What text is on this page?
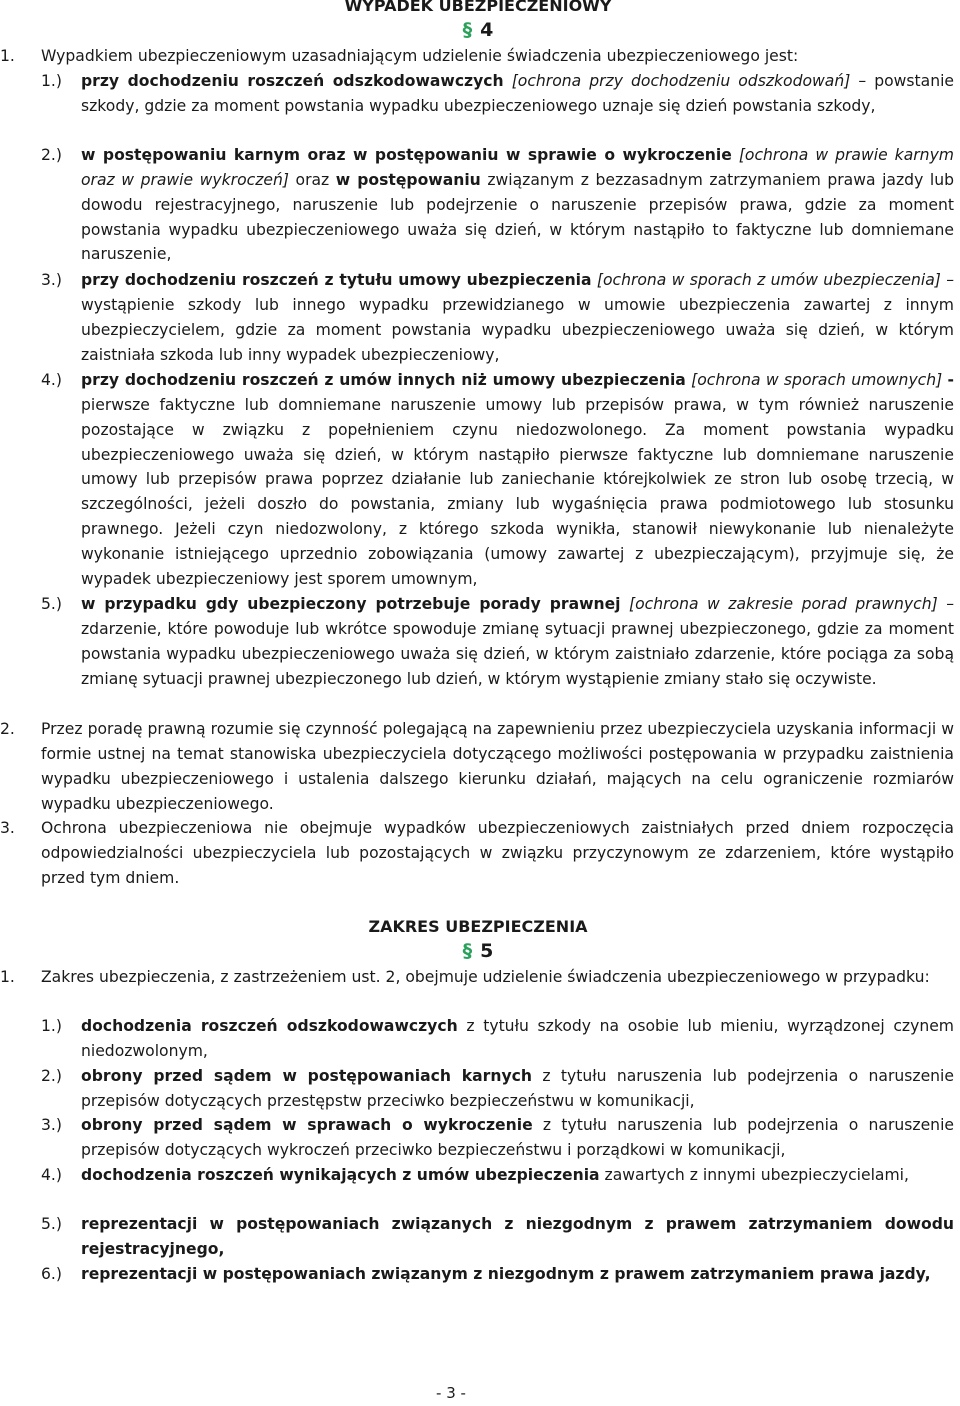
WYPADEK UBEZPIECZENIOWY
§ 4
1. Wypadkiem ubezpieczeniowym uzasadniającym udzielenie świadczenia ubezpieczeniowego jest:
1.) przy dochodzeniu roszczeń odszkodowawczych [ochrona przy dochodzeniu odszkodowań] – powstanie szkody, gdzie za moment powstania wypadku ubezpieczeniowego uznaje się dzień powstania szkody,
2.) w postępowaniu karnym oraz w postępowaniu w sprawie o wykroczenie [ochrona w prawie karnym oraz w prawie wykroczeń] oraz w postępowaniu związanym z bezzasadnym zatrzymaniem prawa jazdy lub dowodu rejestracyjnego, naruszenie lub podejrzenie o naruszenie przepisów prawa, gdzie za moment powstania wypadku ubezpieczeniowego uważa się dzień, w którym nastąpiło to faktyczne lub domniemane naruszenie,
3.) przy dochodzeniu roszczeń z tytułu umowy ubezpieczenia [ochrona w sporach z umów ubezpieczenia] – wystąpienie szkody lub innego wypadku przewidzianego w umowie ubezpieczenia zawartej z innym ubezpieczycielem, gdzie za moment powstania wypadku ubezpieczeniowego uważa się dzień, w którym zaistniała szkoda lub inny wypadek ubezpieczeniowy,
4.) przy dochodzeniu roszczeń z umów innych niż umowy ubezpieczenia [ochrona w sporach umownych] - pierwsze faktyczne lub domniemane naruszenie umowy lub przepisów prawa, w tym również naruszenie pozostające w związku z popełnieniem czynu niedozwolonego. Za moment powstania wypadku ubezpieczeniowego uważa się dzień, w którym nastąpiło pierwsze faktyczne lub domniemane naruszenie umowy lub przepisów prawa poprzez działanie lub zaniechanie którejkolwiek ze stron lub osobę trzecią, w szczególności, jeżeli doszło do powstania, zmiany lub wygaśnięcia prawa podmiotowego lub stosunku prawnego. Jeżeli czyn niedozwolony, z którego szkoda wynikła, stanowił niewykonanie lub nienależyte wykonanie istniejącego uprzednio zobowiązania (umowy zawartej z ubezpieczającym), przyjmuje się, że wypadek ubezpieczeniowy jest sporem umownym,
5.) w przypadku gdy ubezpieczony potrzebuje porady prawnej [ochrona w zakresie porad prawnych] – zdarzenie, które powoduje lub wkrótce spowoduje zmianę sytuacji prawnej ubezpieczonego, gdzie za moment powstania wypadku ubezpieczeniowego uważa się dzień, w którym zaistniało zdarzenie, które pociąga za sobą zmianę sytuacji prawnej ubezpieczonego lub dzień, w którym wystąpienie zmiany stało się oczywiste.
2. Przez poradę prawną rozumie się czynność polegającą na zapewnieniu przez ubezpieczyciela uzyskania informacji w formie ustnej na temat stanowiska ubezpieczyciela dotyczącego możliwości postępowania w przypadku zaistnienia wypadku ubezpieczeniowego i ustalenia dalszego kierunku działań, mających na celu ograniczenie rozmiarów wypadku ubezpieczeniowego.
3. Ochrona ubezpieczeniowa nie obejmuje wypadków ubezpieczeniowych zaistniałych przed dniem rozpoczęcia odpowiedzialności ubezpieczyciela lub pozostających w związku przyczynowym ze zdarzeniem, które wystąpiło przed tym dniem.
ZAKRES UBEZPIECZENIA
§ 5
1. Zakres ubezpieczenia, z zastrzeżeniem ust. 2, obejmuje udzielenie świadczenia ubezpieczeniowego w przypadku:
1.) dochodzenia roszczeń odszkodowawczych z tytułu szkody na osobie lub mieniu, wyrządzonej czynem niedozwolonym,
2.) obrony przed sądem w postępowaniach karnych z tytułu naruszenia lub podejrzenia o naruszenie przepisów dotyczących przestępstw przeciwko bezpieczeństwu w komunikacji,
3.) obrony przed sądem w sprawach o wykroczenie z tytułu naruszenia lub podejrzenia o naruszenie przepisów dotyczących wykroczeń przeciwko bezpieczeństwu i porządkowi w komunikacji,
4.) dochodzenia roszczeń wynikających z umów ubezpieczenia zawartych z innymi ubezpieczycielami,
5.) reprezentacji w postępowaniach związanych z niezgodnym z prawem zatrzymaniem dowodu rejestracyjnego,
6.) reprezentacji w postępowaniach związanym z niezgodnym z prawem zatrzymaniem prawa jazdy,
- 3 -
